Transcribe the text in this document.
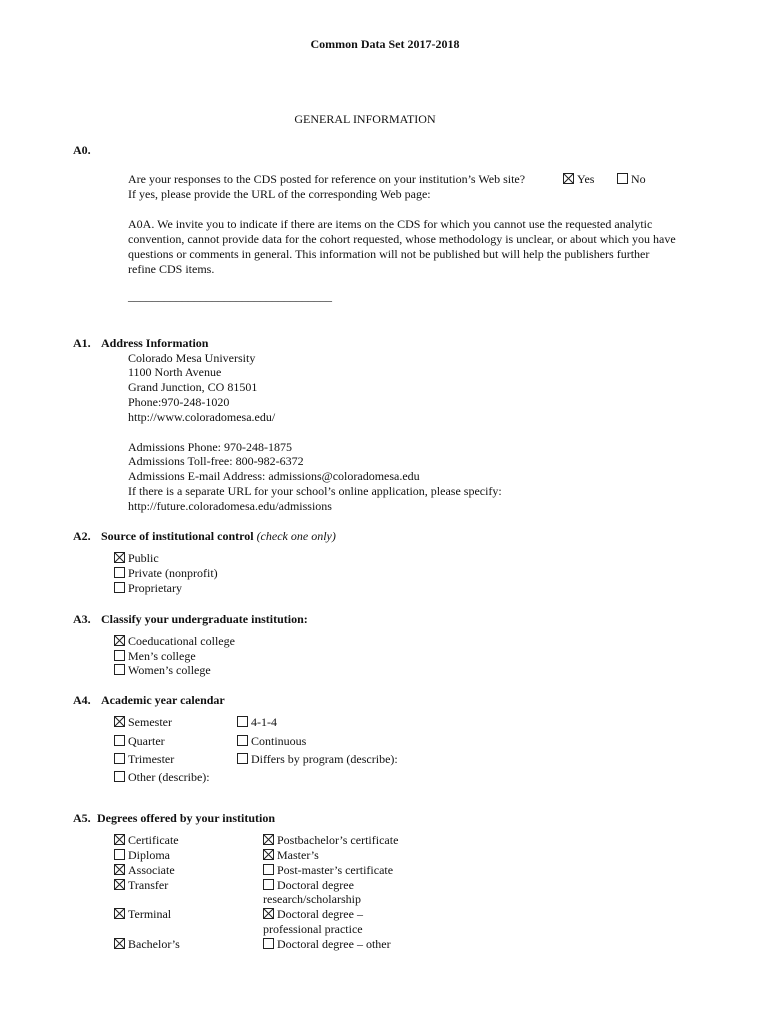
Common Data Set 2017-2018
GENERAL INFORMATION
A0.
Are your responses to the CDS posted for reference on your institution’s Web site?	Yes	No
If yes, please provide the URL of the corresponding Web page:
A0A. We invite you to indicate if there are items on the CDS for which you cannot use the requested analytic
convention, cannot provide data for the cohort requested, whose methodology is unclear, or about which you have
questions or comments in general. This information will not be published but will help the publishers further
refine CDS items.
__________________________________
A1. Address Information
Colorado Mesa University
1100 North Avenue
Grand Junction, CO 81501
Phone:970-248-1020
http://www.coloradomesa.edu/
Admissions Phone: 970-248-1875
Admissions Toll-free: 800-982-6372
Admissions E-mail Address: admissions@coloradomesa.edu
If there is a separate URL for your school’s online application, please specify:
http://future.coloradomesa.edu/admissions
A2. Source of institutional control (check one only)
Public
Private (nonprofit)
Proprietary
A3. Classify your undergraduate institution:
Coeducational college
Men’s college
Women’s college
A4. Academic year calendar
Semester
Quarter
Trimester
Other (describe):
4-1-4
Continuous
Differs by program (describe):
A5. Degrees offered by your institution
Certificate
Diploma
Associate
Transfer
Terminal
Bachelor’s
Postbachelor’s certificate
Master’s
Post-master’s certificate
Doctoral degree
research/scholarship
Doctoral degree –
professional practice
Doctoral degree – other
